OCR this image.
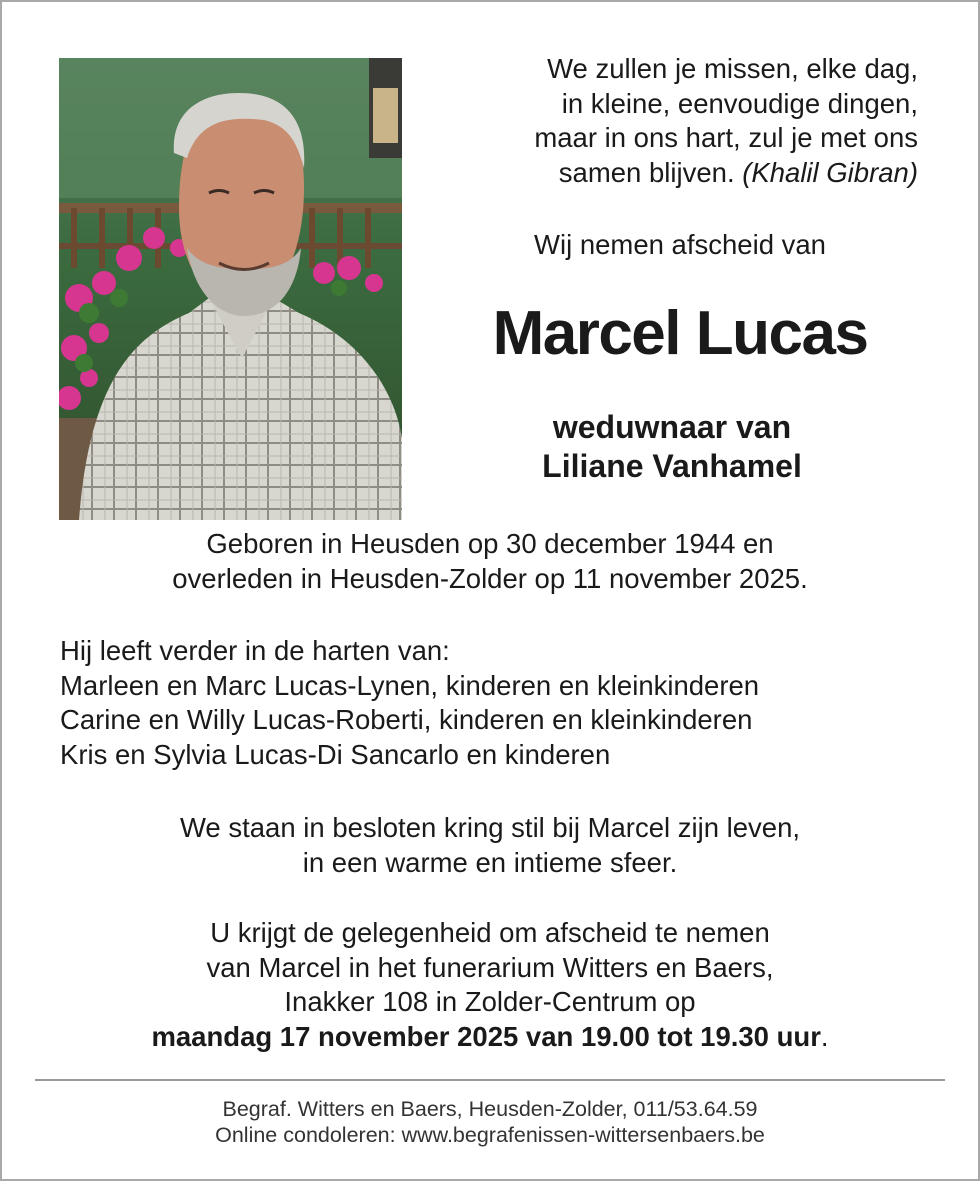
We zullen je missen, elke dag,
in kleine, eenvoudige dingen,
maar in ons hart, zul je met ons
samen blijven. (Khalil Gibran)
Wij nemen afscheid van
Marcel Lucas
weduwnaar van
Liliane Vanhamel
Geboren in Heusden op 30 december 1944 en
overleden in Heusden-Zolder op 11 november 2025.
Hij leeft verder in de harten van:
Marleen en Marc Lucas-Lynen, kinderen en kleinkinderen
Carine en Willy Lucas-Roberti, kinderen en kleinkinderen
Kris en Sylvia Lucas-Di Sancarlo en kinderen
We staan in besloten kring stil bij Marcel zijn leven,
in een warme en intieme sfeer.
U krijgt de gelegenheid om afscheid te nemen
van Marcel in het funerarium Witters en Baers,
Inakker 108 in Zolder-Centrum op
maandag 17 november 2025 van 19.00 tot 19.30 uur.
Begraf. Witters en Baers, Heusden-Zolder, 011/53.64.59
Online condoleren: www.begrafenissen-wittersenbaers.be
